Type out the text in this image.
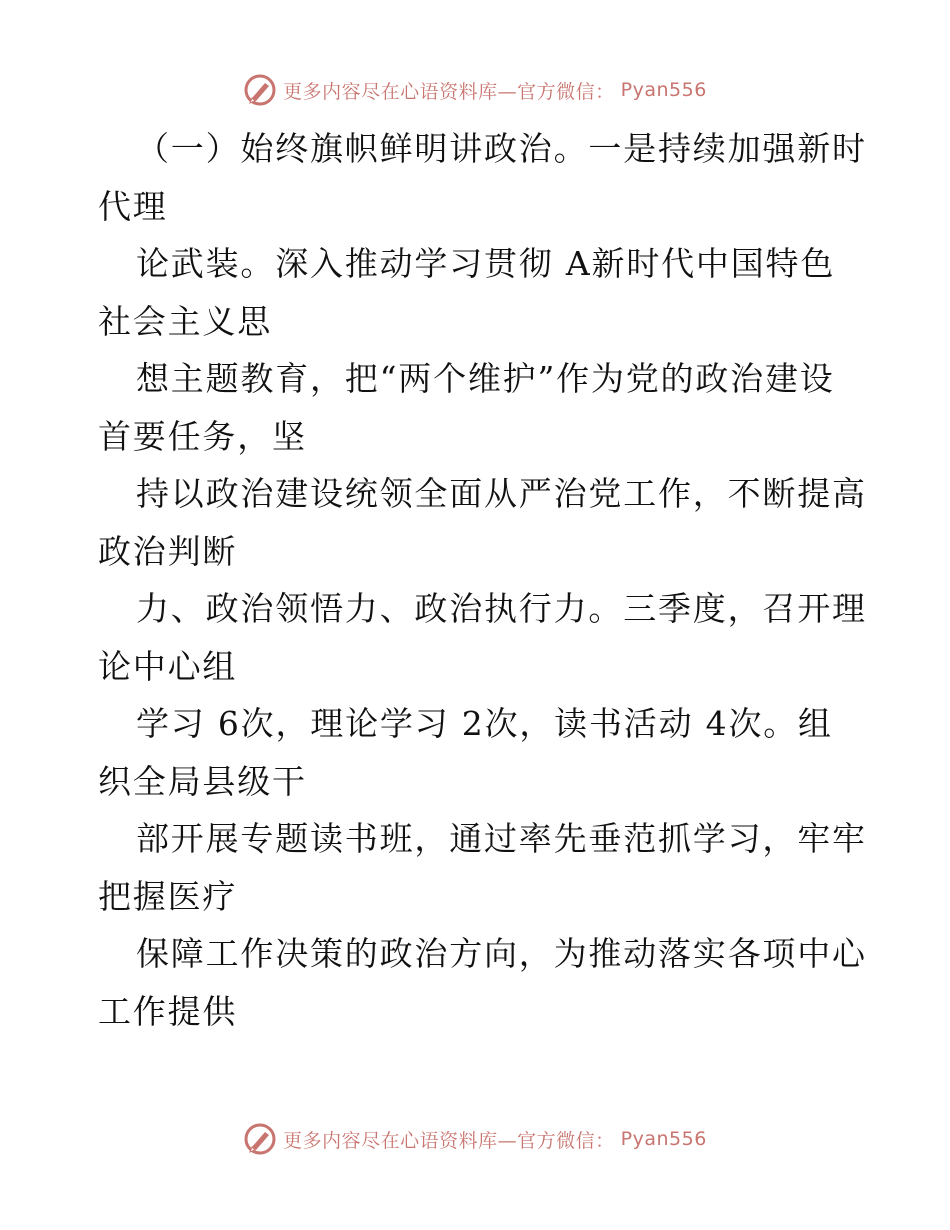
更多内容尽在心语资料库—官方微信： Pyan556
（一）始终旗帜鲜明讲政治。一是持续加强新时
代理
论武装。深入推动学习贯彻 A新时代中国特色
社会主义思
想主题教育，把“两个维护”作为党的政治建设
首要任务，坚
持以政治建设统领全面从严治党工作，不断提高
政治判断
力、政治领悟力、政治执行力。三季度，召开理
论中心组
学习 6次，理论学习 2次，读书活动 4次。组
织全局县级干
部开展专题读书班，通过率先垂范抓学习，牢牢
把握医疗
保障工作决策的政治方向，为推动落实各项中心
工作提供
更多内容尽在心语资料库—官方微信： Pyan556
